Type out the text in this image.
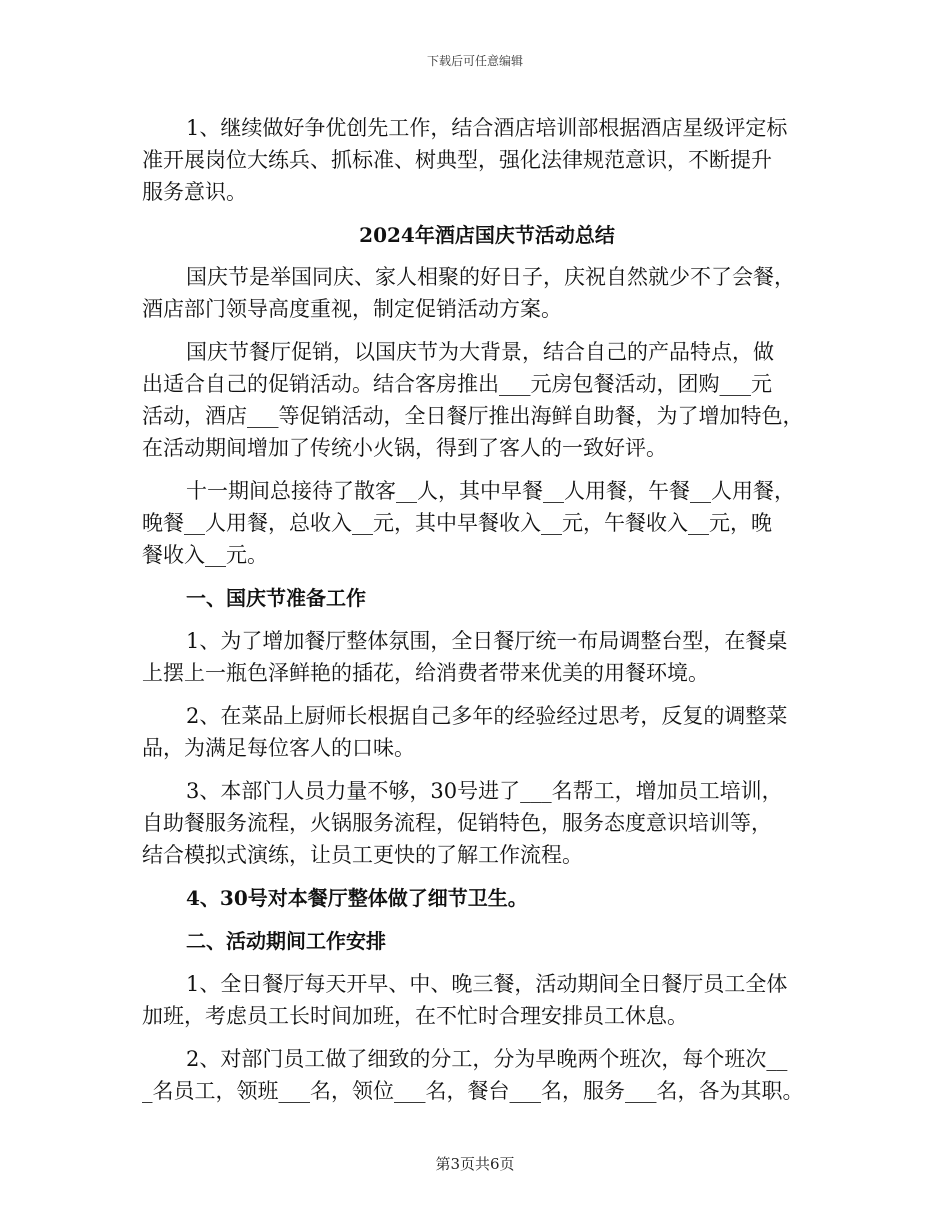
下载后可任意编辑
1、继续做好争优创先工作，结合酒店培训部根据酒店星级评定标
准开展岗位大练兵、抓标准、树典型，强化法律规范意识，不断提升
服务意识。
2024年酒店国庆节活动总结
国庆节是举国同庆、家人相聚的好日子，庆祝自然就少不了会餐，
酒店部门领导高度重视，制定促销活动方案。
国庆节餐厅促销，以国庆节为大背景，结合自己的产品特点，做
出适合自己的促销活动。结合客房推出___元房包餐活动，团购___元
活动，酒店___等促销活动，全日餐厅推出海鲜自助餐，为了增加特色，
在活动期间增加了传统小火锅，得到了客人的一致好评。
十一期间总接待了散客__人，其中早餐__人用餐，午餐__人用餐，
晚餐__人用餐，总收入__元，其中早餐收入__元，午餐收入__元，晚
餐收入__元。
一、国庆节准备工作
1、为了增加餐厅整体氛围，全日餐厅统一布局调整台型，在餐桌
上摆上一瓶色泽鲜艳的插花，给消费者带来优美的用餐环境。
2、在菜品上厨师长根据自己多年的经验经过思考，反复的调整菜
品，为满足每位客人的口味。
3、本部门人员力量不够，30号进了___名帮工，增加员工培训，
自助餐服务流程，火锅服务流程，促销特色，服务态度意识培训等，
结合模拟式演练，让员工更快的了解工作流程。
4、30号对本餐厅整体做了细节卫生。
二、活动期间工作安排
1、全日餐厅每天开早、中、晚三餐，活动期间全日餐厅员工全体
加班，考虑员工长时间加班，在不忙时合理安排员工休息。
2、对部门员工做了细致的分工，分为早晚两个班次，每个班次__
_名员工，领班___名，领位___名，餐台___名，服务___名，各为其职。
第3页共6页
